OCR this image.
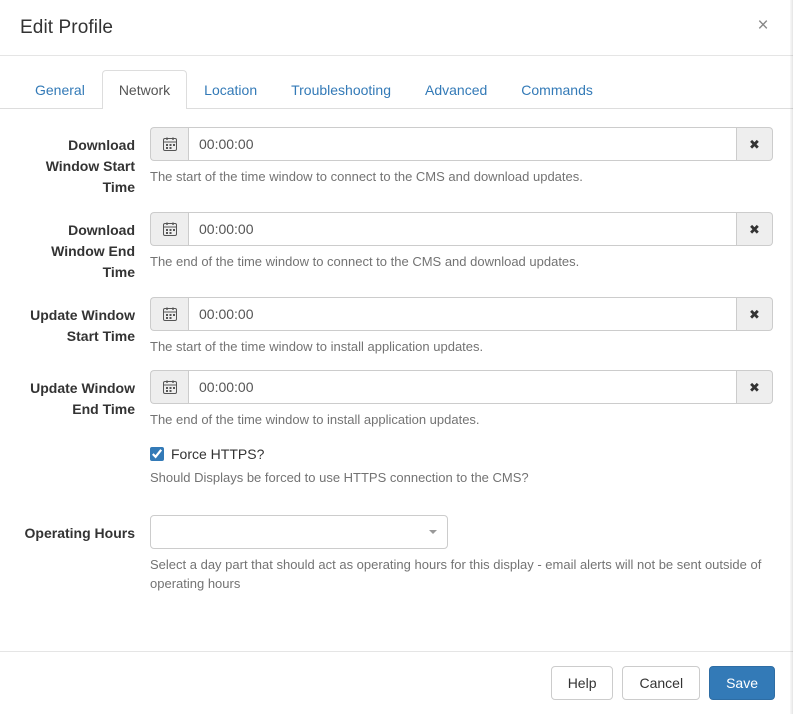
Edit Profile	×
General	Network	Location	Troubleshooting	Advanced	Commands
Download Window Start Time
00:00:00
✖

The start of the time window to connect to the CMS and download updates.

Download Window End Time
00:00:00
✖

The end of the time window to connect to the CMS and download updates.

Update Window Start Time
00:00:00
✖

The start of the time window to install application updates.

Update Window End Time
00:00:00
✖

The end of the time window to install application updates.

Force HTTPS?

Should Displays be forced to use HTTPS connection to the CMS?

Operating Hours

Select a day part that should act as operating hours for this display - email alerts will not be sent outside of operating hours

Help	Cancel	Save
